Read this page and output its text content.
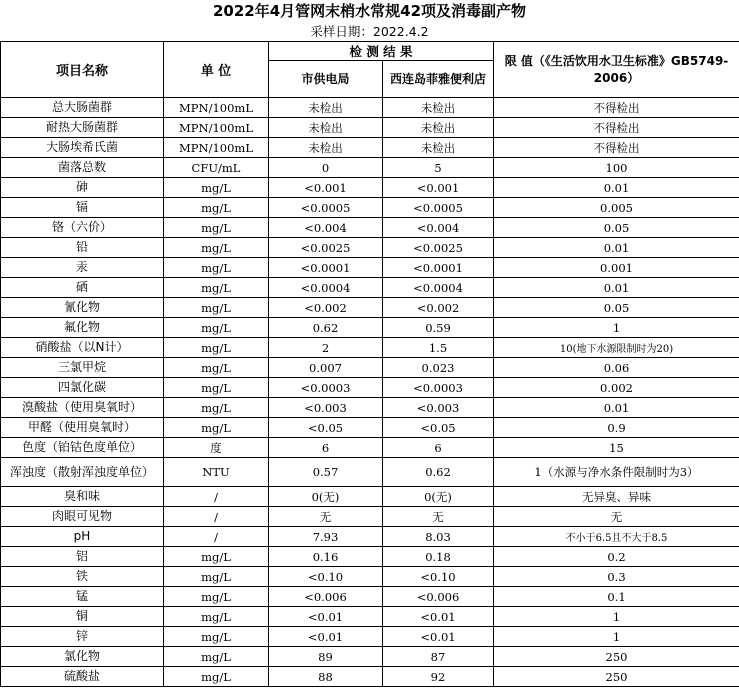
2022年4月管网末梢水常规42项及消毒副产物
采样日期：2022.4.2
项目名称	单 位	检 测 结 果		限 值（《生活饮用水卫生标准》GB5749-2006）
		市供电局	西连岛菲雅便利店	
总大肠菌群	MPN/100mL	未检出	未检出	不得检出
耐热大肠菌群	MPN/100mL	未检出	未检出	不得检出
大肠埃希氏菌	MPN/100mL	未检出	未检出	不得检出
菌落总数	CFU/mL	0	5	100
砷	mg/L	<0.001	<0.001	0.01
镉	mg/L	<0.0005	<0.0005	0.005
铬（六价）	mg/L	<0.004	<0.004	0.05
铅	mg/L	<0.0025	<0.0025	0.01
汞	mg/L	<0.0001	<0.0001	0.001
硒	mg/L	<0.0004	<0.0004	0.01
氰化物	mg/L	<0.002	<0.002	0.05
氟化物	mg/L	0.62	0.59	1
硝酸盐（以N计）	mg/L	2	1.5	10(地下水源限制时为20)
三氯甲烷	mg/L	0.007	0.023	0.06
四氯化碳	mg/L	<0.0003	<0.0003	0.002
溴酸盐（使用臭氧时）	mg/L	<0.003	<0.003	0.01
甲醛（使用臭氧时）	mg/L	<0.05	<0.05	0.9
色度（铂钴色度单位）	度	6	6	15
浑浊度（散射浑浊度单位）	NTU	0.57	0.62	1（水源与净水条件限制时为3）
臭和味	/	0(无)	0(无)	无异臭、异味
肉眼可见物	/	无	无	无
pH	/	7.93	8.03	不小于6.5且不大于8.5
铝	mg/L	0.16	0.18	0.2
铁	mg/L	<0.10	<0.10	0.3
锰	mg/L	<0.006	<0.006	0.1
铜	mg/L	<0.01	<0.01	1
锌	mg/L	<0.01	<0.01	1
氯化物	mg/L	89	87	250
硫酸盐	mg/L	88	92	250
